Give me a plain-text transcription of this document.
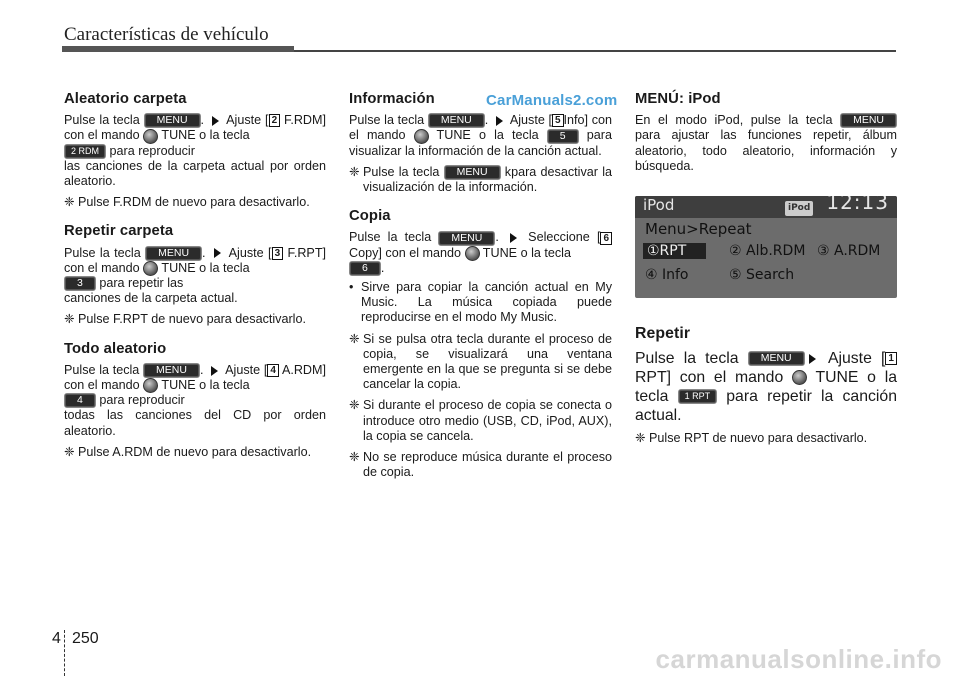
Características de vehículo
CarManuals2.com
Aleatorio carpeta

Pulse la tecla MENU .  Ajuste [ 2 F.RDM] con el mando  TUNE o la tecla
2 RDM para reproducir
las canciones de la carpeta actual por orden aleatorio.

❈ Pulse F.RDM de nuevo para desactivarlo.
Repetir carpeta

Pulse la tecla MENU .  Ajuste [ 3 F.RPT] con el mando  TUNE o la tecla
3 para repetir las
canciones de la carpeta actual.

❈ Pulse F.RPT de nuevo para desactivarlo.
Todo aleatorio

Pulse la tecla MENU .  Ajuste [ 4 A.RDM] con el mando  TUNE o la tecla
4 para reproducir
todas las canciones del CD por orden aleatorio.

❈ Pulse A.RDM de nuevo para desactivarlo.
Información

Pulse la tecla MENU .  Ajuste [ 5 Info] con el mando  TUNE o la tecla 5 para visualizar la información de la canción actual.

❈ Pulse la tecla MENU kpara desactivar la visualización de la información.
Copia

Pulse la tecla MENU .  Seleccione [ 6 Copy] con el mando  TUNE o la tecla
6 .

• Sirve para copiar la canción actual en My Music. La música copiada puede reproducirse en el modo My Music.
❈ Si se pulsa otra tecla durante el proceso de copia, se visualizará una ventana emergente en la que se pregunta si se debe cancelar la copia.
❈ Si durante el proceso de copia se conecta o introduce otro medio (USB, CD, iPod, AUX), la copia se cancela.
❈ No se reproduce música durante el proceso de copia.
MENÚ: iPod

En el modo iPod, pulse la tecla MENU para ajustar las funciones repetir, álbum aleatorio, todo aleatorio, información y búsqueda.

iPod	iPod 12:13
Menu>Repeat
①RPT	② Alb.RDM ③ A.RDM
④ Info	⑤ Search
Repetir

Pulse la tecla MENU Ajuste [ 1 RPT] con el mando  TUNE o la tecla 1 RPT para repetir la canción actual.

❈ Pulse RPT de nuevo para desactivarlo.
4 250
carmanualsonline.info
